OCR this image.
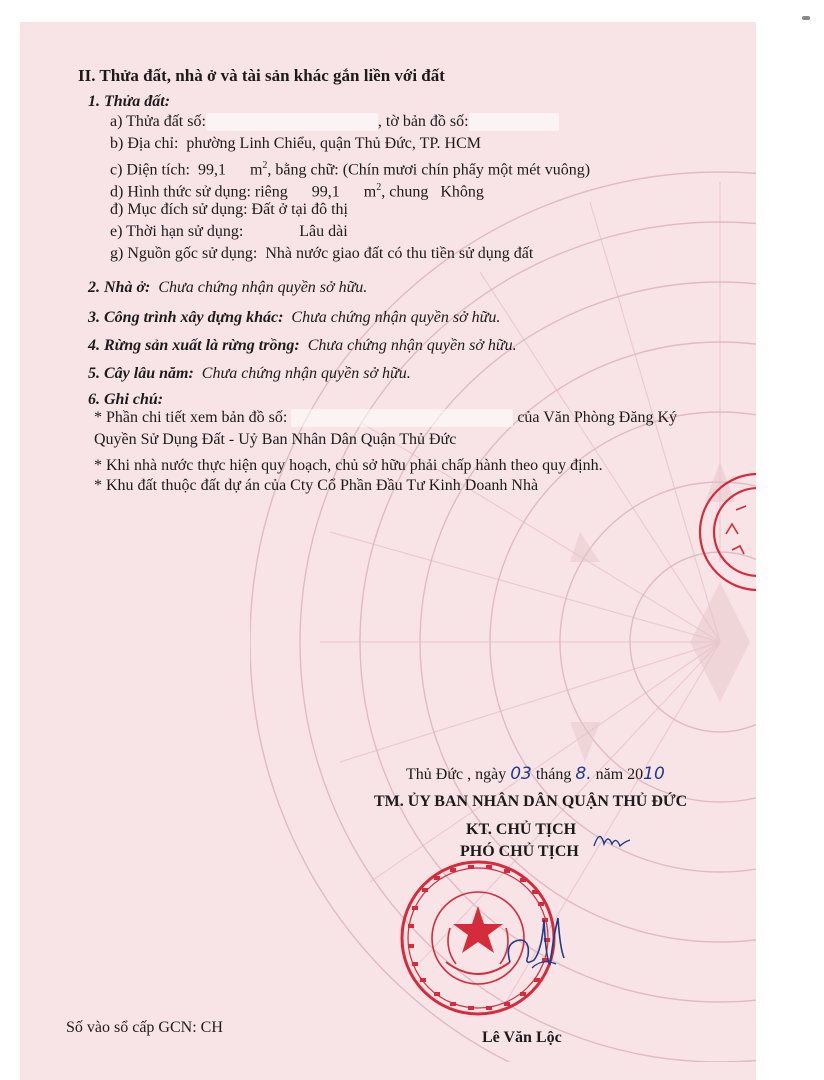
II. Thửa đất, nhà ở và tài sản khác gắn liền với đất
1. Thửa đất:
a) Thửa đất số:	, tờ bản đồ số:
b) Địa chỉ: phường Linh Chiểu, quận Thủ Đức, TP. HCM
c) Diện tích: 99,1 $m^2$, bằng chữ: (Chín mươi chín phẩy một mét vuông)
d) Hình thức sử dụng: riêng 99,1 $m^2$, chung Không
đ) Mục đích sử dụng: Đất ở tại đô thị
e) Thời hạn sử dụng:	Lâu dài
g) Nguồn gốc sử dụng: Nhà nước giao đất có thu tiền sử dụng đất
2. Nhà ở: Chưa chứng nhận quyền sở hữu.
3. Công trình xây dựng khác: Chưa chứng nhận quyền sở hữu.
4. Rừng sản xuất là rừng trồng: Chưa chứng nhận quyền sở hữu.
5. Cây lâu năm: Chưa chứng nhận quyền sở hữu.
6. Ghi chú:
* Phần chi tiết xem bản đồ số:	của Văn Phòng Đăng Ký
Quyền Sử Dụng Đất - Uỷ Ban Nhân Dân Quận Thủ Đức
* Khi nhà nước thực hiện quy hoạch, chủ sở hữu phải chấp hành theo quy định.
* Khu đất thuộc đất dự án của Cty Cổ Phần Đầu Tư Kinh Doanh Nhà
Thủ Đức , ngày 03 tháng 8. năm 2010
TM. ỦY BAN NHÂN DÂN QUẬN THỦ ĐỨC
KT. CHỦ TỊCH
PHÓ CHỦ TỊCH
Số vào sổ cấp GCN: CH
Lê Văn Lộc
